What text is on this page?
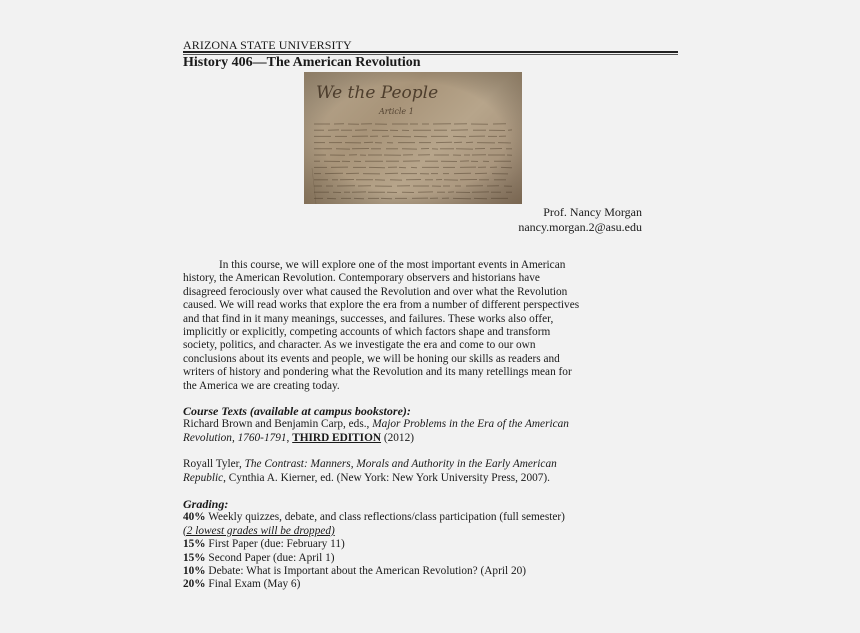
ARIZONA STATE UNIVERSITY
History 406—The American Revolution
We the People
Article 1
Prof. Nancy Morgan
nancy.morgan.2@asu.edu
In this course, we will explore one of the most important events in American
history, the American Revolution. Contemporary observers and historians have
disagreed ferociously over what caused the Revolution and over what the Revolution
caused. We will read works that explore the era from a number of different perspectives
and that find in it many meanings, successes, and failures. These works also offer,
implicitly or explicitly, competing accounts of which factors shape and transform
society, politics, and character. As we investigate the era and come to our own
conclusions about its events and people, we will be honing our skills as readers and
writers of history and pondering what the Revolution and its many retellings mean for
the America we are creating today.
Course Texts (available at campus bookstore):
Richard Brown and Benjamin Carp, eds., Major Problems in the Era of the American
Revolution, 1760-1791, THIRD EDITION (2012)
Royall Tyler, The Contrast: Manners, Morals and Authority in the Early American
Republic, Cynthia A. Kierner, ed. (New York: New York University Press, 2007).
Grading:
40% Weekly quizzes, debate, and class reflections/class participation (full semester)
(2 lowest grades will be dropped)
15% First Paper (due: February 11)
15% Second Paper (due: April 1)
10% Debate: What is Important about the American Revolution? (April 20)
20% Final Exam (May 6)
